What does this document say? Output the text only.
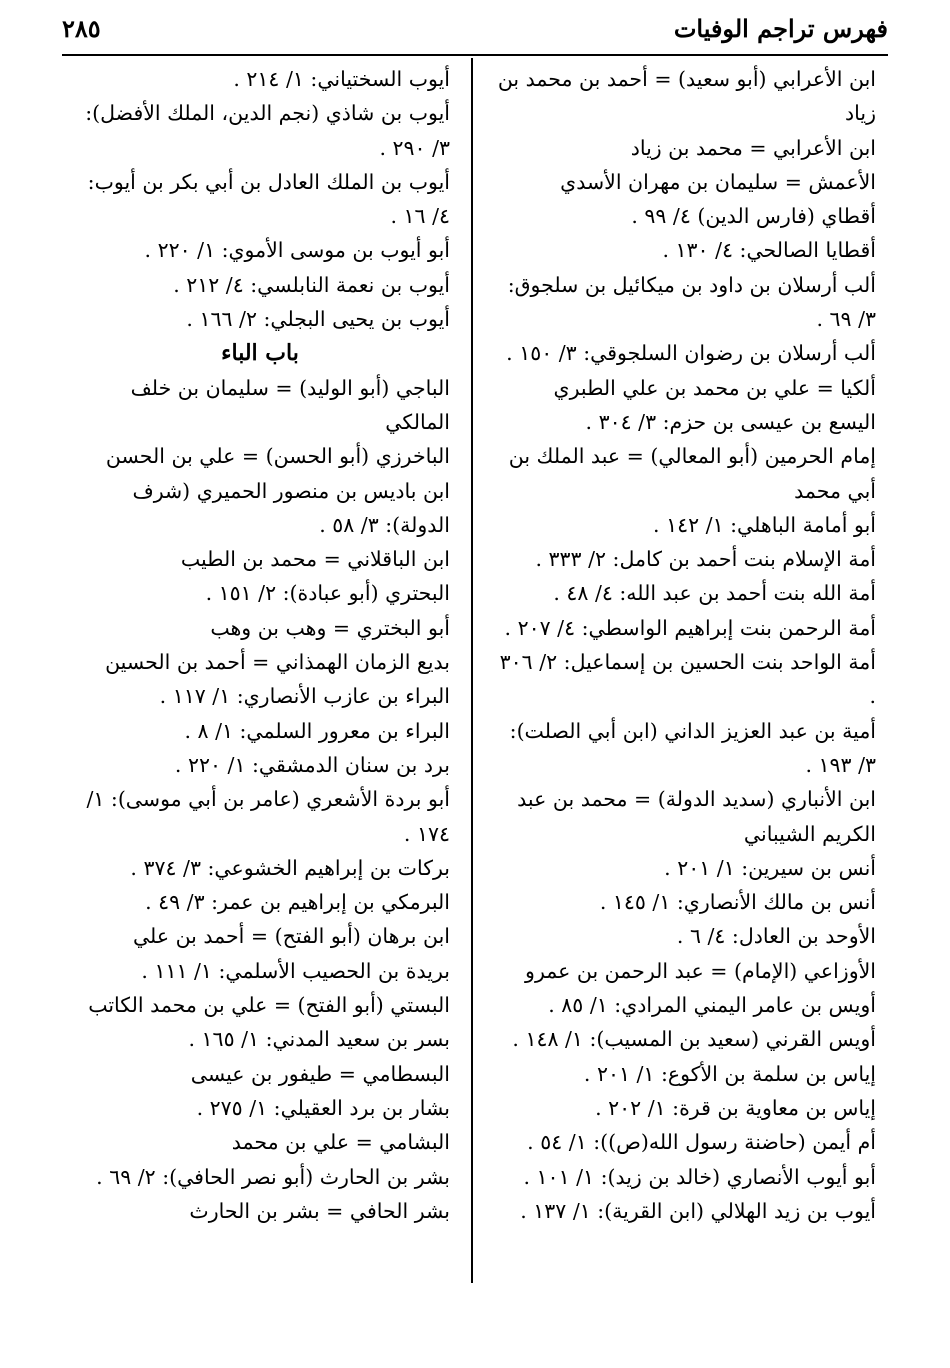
٢٨٥	فهرس تراجم الوفيات
ابن الأعرابي (أبو سعيد) = أحمد بن محمد بن زياد
ابن الأعرابي = محمد بن زياد
الأعمش = سليمان بن مهران الأسدي
أقطاي (فارس الدين) ٤/ ٩٩ .
أقطايا الصالحي: ٤/ ١٣٠ .
ألب أرسلان بن داود بن ميكائيل بن سلجوق: ٣/ ٦٩ .
ألب أرسلان بن رضوان السلجوقي: ٣/ ١٥٠ .
ألكيا = علي بن محمد بن علي الطبري
اليسع بن عيسى بن حزم: ٣/ ٣٠٤ .
إمام الحرمين (أبو المعالي) = عبد الملك بن أبي محمد
أبو أمامة الباهلي: ١/ ١٤٢ .
أمة الإسلام بنت أحمد بن كامل: ٢/ ٣٣٣ .
أمة الله بنت أحمد بن عبد الله: ٤/ ٤٨ .
أمة الرحمن بنت إبراهيم الواسطي: ٤/ ٢٠٧ .
أمة الواحد بنت الحسين بن إسماعيل: ٢/ ٣٠٦ .
أمية بن عبد العزيز الداني (ابن أبي الصلت): ٣/ ١٩٣ .
ابن الأنباري (سديد الدولة) = محمد بن عبد الكريم الشيباني
أنس بن سيرين: ١/ ٢٠١ .
أنس بن مالك الأنصاري: ١/ ١٤٥ .
الأوحد بن العادل: ٤/ ٦ .
الأوزاعي (الإمام) = عبد الرحمن بن عمرو
أويس بن عامر اليمني المرادي: ١/ ٨٥ .
أويس القرني (سعيد بن المسيب): ١/ ١٤٨ .
إياس بن سلمة بن الأكوع: ١/ ٢٠١ .
إياس بن معاوية بن قرة: ١/ ٢٠٢ .
أم أيمن (حاضنة رسول الله(ص)): ١/ ٥٤ .
أبو أيوب الأنصاري (خالد بن زيد): ١/ ١٠١ .
أيوب بن زيد الهلالي (ابن القرية): ١/ ١٣٧ .
أيوب السختياني: ١/ ٢١٤ .
أيوب بن شاذي (نجم الدين، الملك الأفضل): ٣/ ٢٩٠ .
أيوب بن الملك العادل بن أبي بكر بن أيوب: ٤/ ١٦ .
أبو أيوب بن موسى الأموي: ١/ ٢٢٠ .
أيوب بن نعمة النابلسي: ٤/ ٢١٢ .
أيوب بن يحيى البجلي: ٢/ ١٦٦ .
باب الباء
الباجي (أبو الوليد) = سليمان بن خلف المالكي
الباخرزي (أبو الحسن) = علي بن الحسن
ابن باديس بن منصور الحميري (شرف الدولة): ٣/ ٥٨ .
ابن الباقلاني = محمد بن الطيب
البحتري (أبو عبادة): ٢/ ١٥١ .
أبو البختري = وهب بن وهب
بديع الزمان الهمذاني = أحمد بن الحسين
البراء بن عازب الأنصاري: ١/ ١١٧ .
البراء بن معرور السلمي: ١/ ٨ .
برد بن سنان الدمشقي: ١/ ٢٢٠ .
أبو بردة الأشعري (عامر بن أبي موسى): ١/ ١٧٤ .
بركات بن إبراهيم الخشوعي: ٣/ ٣٧٤ .
البرمكي بن إبراهيم بن عمر: ٣/ ٤٩ .
ابن برهان (أبو الفتح) = أحمد بن علي
بريدة بن الحصيب الأسلمي: ١/ ١١١ .
البستي (أبو الفتح) = علي بن محمد الكاتب
بسر بن سعيد المدني: ١/ ١٦٥ .
البسطامي = طيفور بن عيسى
بشار بن برد العقيلي: ١/ ٢٧٥ .
البشامي = علي بن محمد
بشر بن الحارث (أبو نصر الحافي): ٢/ ٦٩ .
بشر الحافي = بشر بن الحارث
